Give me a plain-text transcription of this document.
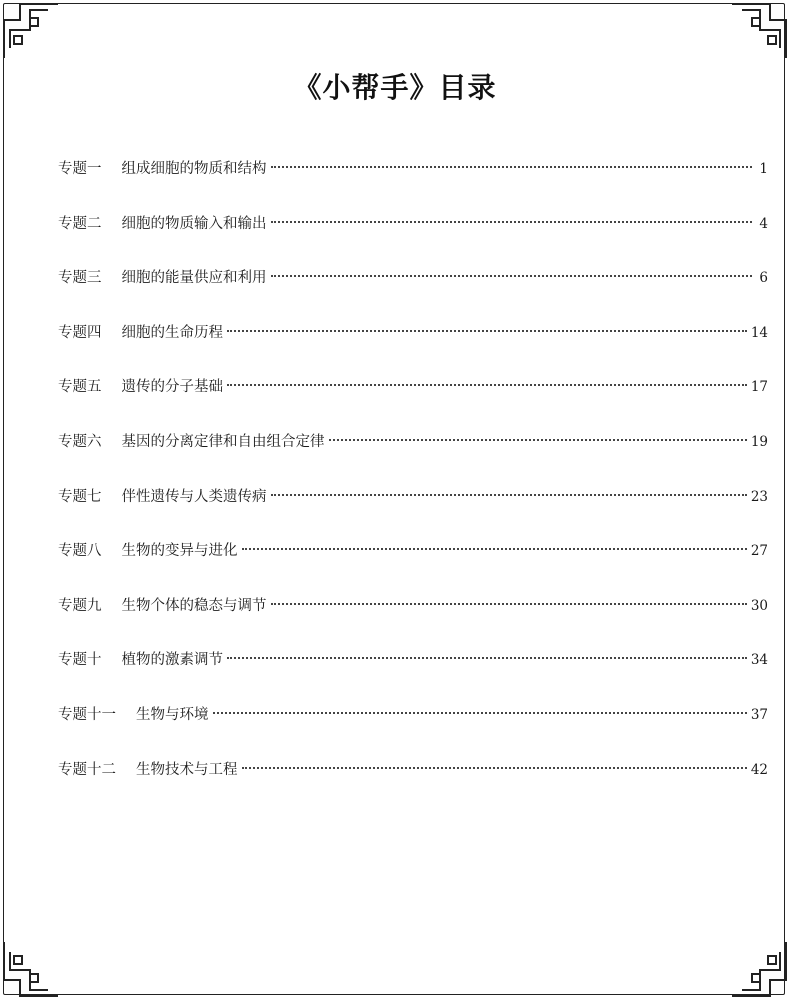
《小帮手》目录
专题一 组成细胞的物质和结构	1
专题二 细胞的物质输入和输出	4
专题三 细胞的能量供应和利用	6
专题四 细胞的生命历程	14
专题五 遗传的分子基础	17
专题六 基因的分离定律和自由组合定律	19
专题七 伴性遗传与人类遗传病	23
专题八 生物的变异与进化	27
专题九 生物个体的稳态与调节	30
专题十 植物的激素调节	34
专题十一 生物与环境	37
专题十二 生物技术与工程	42
